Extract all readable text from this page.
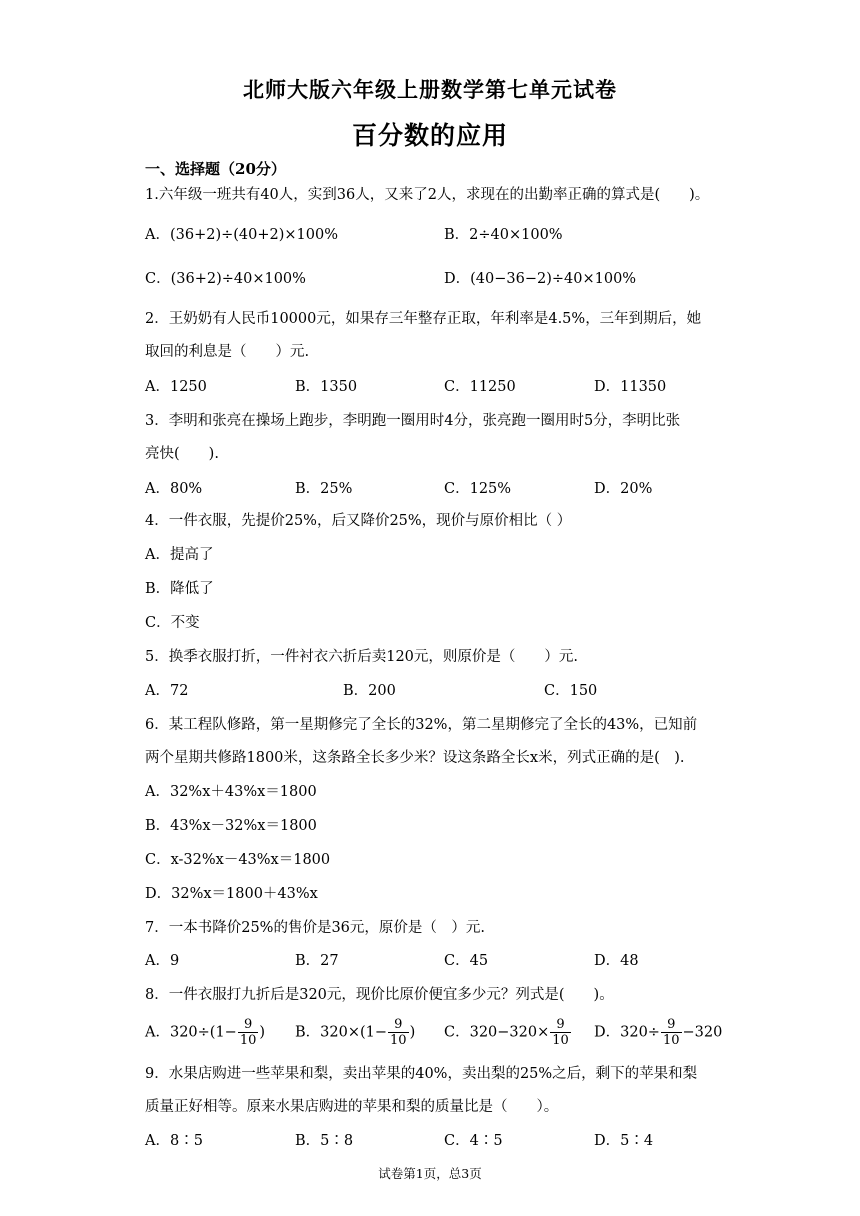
北师大版六年级上册数学第七单元试卷
百分数的应用
一、选择题（20分）
1.六年级一班共有40人，实到36人，又来了2人，求现在的出勤率正确的算式是(　　)。
A．(36+2)÷(40+2)×100%	B．2÷40×100%
C．(36+2)÷40×100%	D．(40−36−2)÷40×100%
2．王奶奶有人民币10000元，如果存三年整存正取，年利率是4.5%，三年到期后，她
取回的利息是（　　）元.
A．1250	B．1350	C．11250	D．11350
3．李明和张亮在操场上跑步，李明跑一圈用时4分，张亮跑一圈用时5分，李明比张
亮快(　　).
A．80%	B．25%	C．125%	D．20%
4．一件衣服，先提价25%，后又降价25%，现价与原价相比（ ）
A．提高了
B．降低了
C．不变
5．换季衣服打折，一件衬衣六折后卖120元，则原价是（　　）元.
A．72	B．200	C．150
6．某工程队修路，第一星期修完了全长的32%，第二星期修完了全长的43%，已知前
两个星期共修路1800米，这条路全长多少米？设这条路全长x米，列式正确的是(　).
A．32%x＋43%x＝1800
B．43%x－32%x＝1800
C．x-32%x－43%x＝1800
D．32%x＝1800＋43%x
7．一本书降价25%的售价是36元，原价是（　）元.
A．9	B．27	C．45	D．48
8．一件衣服打九折后是320元，现价比原价便宜多少元？列式是(　　)。
A．$320\div(1- \frac{9}{10}$ ) B．$320\times(1- \frac{9}{10}$ ) C．$320-320\times \frac{9}{10}$ D．$320\div \frac{9}{10} -320$
9．水果店购进一些苹果和梨，卖出苹果的40%，卖出梨的25%之后，剩下的苹果和梨
质量正好相等。原来水果店购进的苹果和梨的质量比是（　　）。
A．8∶5	B．5∶8	C．4∶5	D．5∶4
试卷第1页，总3页
